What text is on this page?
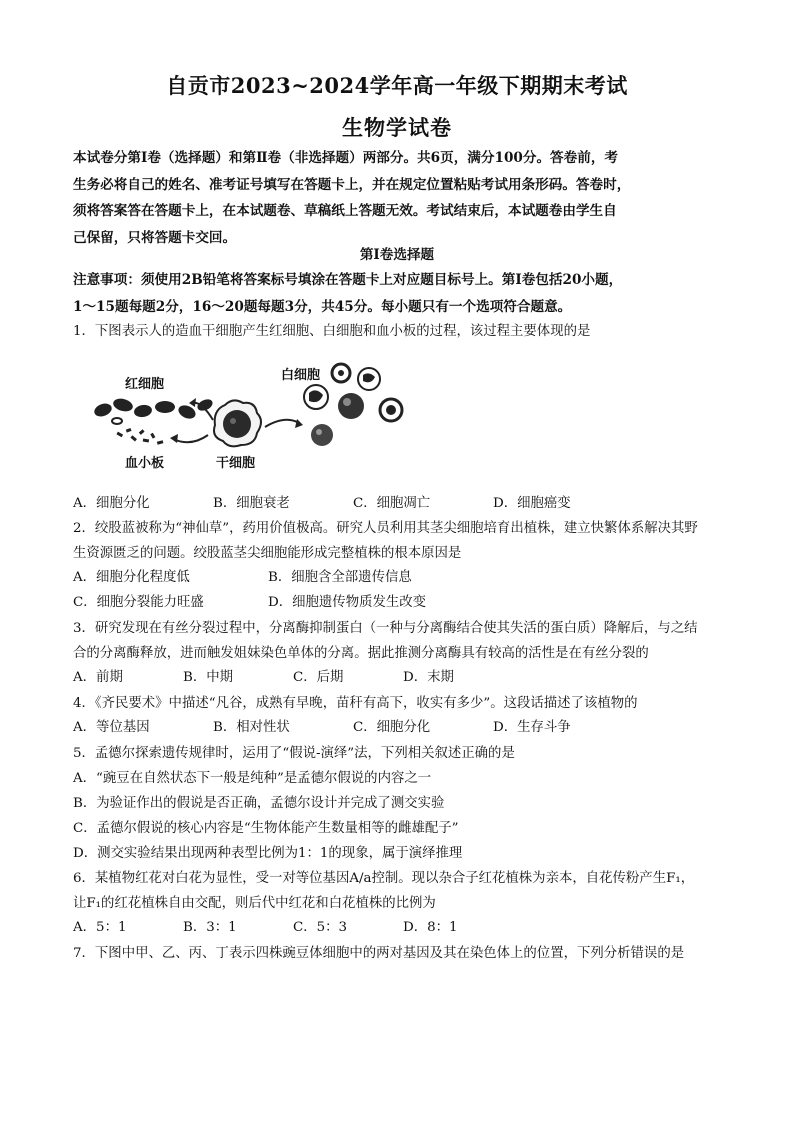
自贡市2023~2024学年高一年级下期期末考试
生物学试卷
本试卷分第Ⅰ卷（选择题）和第Ⅱ卷（非选择题）两部分。共6页，满分100分。答卷前，考
生务必将自己的姓名、准考证号填写在答题卡上，并在规定位置粘贴考试用条形码。答卷时，
须将答案答在答题卡上，在本试题卷、草稿纸上答题无效。考试结束后，本试题卷由学生自
己保留，只将答题卡交回。
第Ⅰ卷选择题
注意事项：须使用2B铅笔将答案标号填涂在答题卡上对应题目标号上。第Ⅰ卷包括20小题，
1～15题每题2分，16～20题每题3分，共45分。每小题只有一个选项符合题意。
1．下图表示人的造血干细胞产生红细胞、白细胞和血小板的过程，该过程主要体现的是
红细胞
血小板	干细胞
白细胞
A．细胞分化	B．细胞衰老	C．细胞凋亡	D．细胞癌变
2．绞股蓝被称为“神仙草”，药用价值极高。研究人员利用其茎尖细胞培育出植株，建立快繁体系解决其野
生资源匮乏的问题。绞股蓝茎尖细胞能形成完整植株的根本原因是
A．细胞分化程度低	B．细胞含全部遗传信息
C．细胞分裂能力旺盛	D．细胞遗传物质发生改变
3．研究发现在有丝分裂过程中，分离酶抑制蛋白（一种与分离酶结合使其失活的蛋白质）降解后，与之结
合的分离酶释放，进而触发姐妹染色单体的分离。据此推测分离酶具有较高的活性是在有丝分裂的
A．前期	B．中期	C．后期	D．末期
4．《齐民要术》中描述“凡谷，成熟有早晚，苗秆有高下，收实有多少”。这段话描述了该植物的
A．等位基因	B．相对性状	C．细胞分化	D．生存斗争
5．孟德尔探索遗传规律时，运用了“假说-演绎”法，下列相关叙述正确的是
A．“豌豆在自然状态下一般是纯种”是孟德尔假说的内容之一
B．为验证作出的假说是否正确，孟德尔设计并完成了测交实验
C．孟德尔假说的核心内容是“生物体能产生数量相等的雌雄配子”
D．测交实验结果出现两种表型比例为1：1的现象，属于演绎推理
6．某植物红花对白花为显性，受一对等位基因A/a控制。现以杂合子红花植株为亲本，自花传粉产生F₁，
让F₁的红花植株自由交配，则后代中红花和白花植株的比例为
A．5：1	B．3：1	C．5：3	D．8：1
7．下图中甲、乙、丙、丁表示四株豌豆体细胞中的两对基因及其在染色体上的位置，下列分析错误的是
